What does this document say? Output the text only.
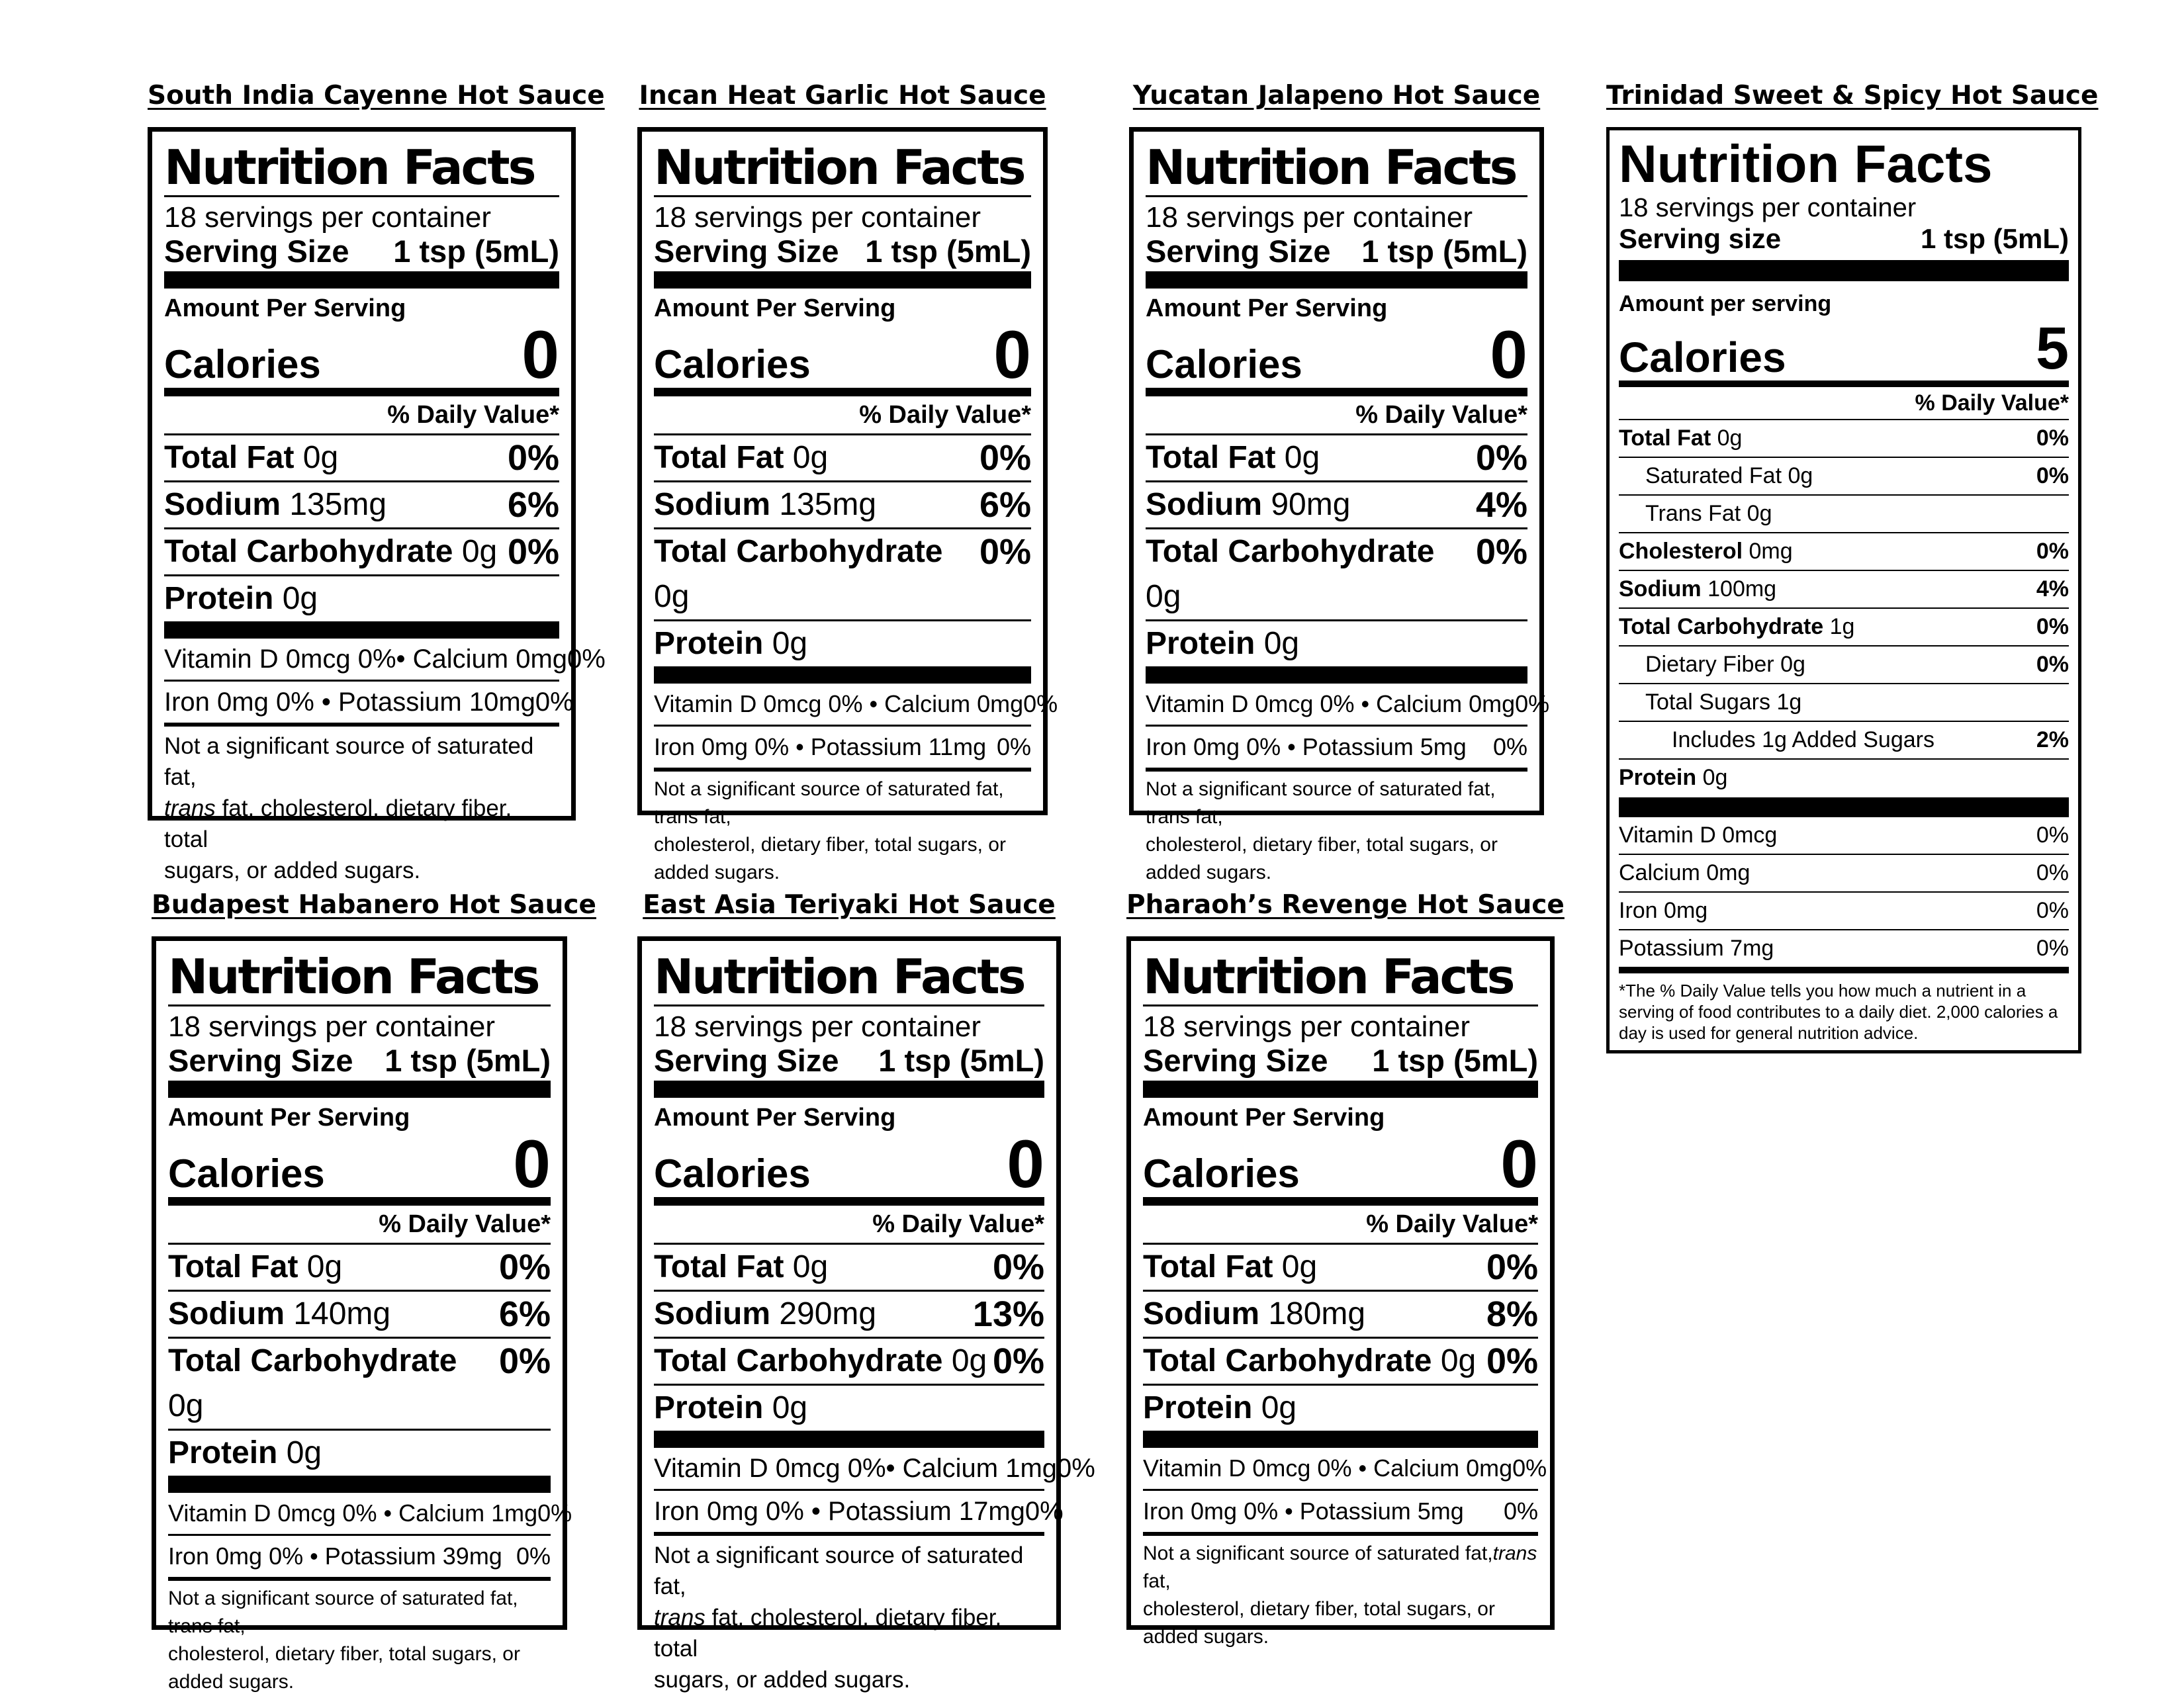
South India Cayenne Hot Sauce
Nutrition Facts
18 servings per container
Serving Size 1 tsp (5mL)
Amount Per Serving
Calories	0
% Daily Value*
Total Fat 0g	0%
Sodium 135mg	6%
Total Carbohydrate 0g 0%
Protein 0g
Vitamin D 0mcg 0%• Calcium 0mg 0%
Iron 0mg 0% • Potassium 10mg 0%
Not a significant source of saturated fat,
trans fat, cholesterol, dietary fiber, total
sugars, or added sugars.
Incan Heat Garlic Hot Sauce
Nutrition Facts
18 servings per container
Serving Size 1 tsp (5mL)
Amount Per Serving
Calories	0
% Daily Value*
Total Fat 0g	0%
Sodium 135mg	6%
Total Carbohydrate 0g
0%
Protein 0g
Vitamin D 0mcg 0% • Calcium 0mg 0%
Iron 0mg 0% • Potassium 11mg 0%
Not a significant source of saturated fat, trans fat,
cholesterol, dietary fiber, total sugars, or added sugars.

Yucatan Jalapeno Hot Sauce
Nutrition Facts
18 servings per container
Serving Size 1 tsp (5mL)
Amount Per Serving
Calories	0
% Daily Value*
Total Fat 0g	0%
Sodium 90mg	4%
Total Carbohydrate 0g
0%
Protein 0g
Vitamin D 0mcg 0% • Calcium 0mg 0%
Iron 0mg 0% • Potassium 5mg 0%
Not a significant source of saturated fat, trans fat,
cholesterol, dietary fiber, total sugars, or added sugars.

Trinidad Sweet & Spicy Hot Sauce
Nutrition Facts
18 servings per container
Serving size	1 tsp (5mL)
Amount per serving
Calories	5
% Daily Value*
Total Fat 0g	0%
Saturated Fat 0g	0%
Trans Fat 0g
Cholesterol 0mg	0%
Sodium 100mg	4%
Total Carbohydrate 1g	0%
Dietary Fiber 0g	0%
Total Sugars 1g
Includes 1g Added Sugars	2%
Protein 0g
Vitamin D 0mcg	0%
Calcium 0mg	0%
Iron 0mg	0%
Potassium 7mg	0%
*The % Daily Value tells you how much a nutrient in a serving of food contributes to a daily diet. 2,000 calories a day is used for general nutrition advice.
Budapest Habanero Hot Sauce
Nutrition Facts
18 servings per container
Serving Size 1 tsp (5mL)
Amount Per Serving
Calories	0
% Daily Value*
Total Fat 0g	0%
Sodium 140mg	6%
Total Carbohydrate 0g
0%
Protein 0g
Vitamin D 0mcg 0% • Calcium 1mg 0%
Iron 0mg 0% • Potassium 39mg 0%
Not a significant source of saturated fat, trans fat,
cholesterol, dietary fiber, total sugars, or added sugars.

East Asia Teriyaki Hot Sauce
Nutrition Facts
18 servings per container
Serving Size 1 tsp (5mL)
Amount Per Serving
Calories	0
% Daily Value*
Total Fat 0g	0%
Sodium 290mg	13%
Total Carbohydrate 0g 0%
Protein 0g
Vitamin D 0mcg 0%• Calcium 1mg 0%
Iron 0mg 0% • Potassium 17mg 0%
Not a significant source of saturated fat,
trans fat, cholesterol, dietary fiber, total
sugars, or added sugars.
Pharaoh’s Revenge Hot Sauce
Nutrition Facts
18 servings per container
Serving Size 1 tsp (5mL)
Amount Per Serving
Calories	0
% Daily Value*
Total Fat 0g	0%
Sodium 180mg	8%
Total Carbohydrate 0g 0%
Protein 0g
Vitamin D 0mcg 0% • Calcium 0mg 0%
Iron 0mg 0% • Potassium 5mg 0%
Not a significant source of saturated fat,trans fat,
cholesterol, dietary fiber, total sugars, or added sugars.
